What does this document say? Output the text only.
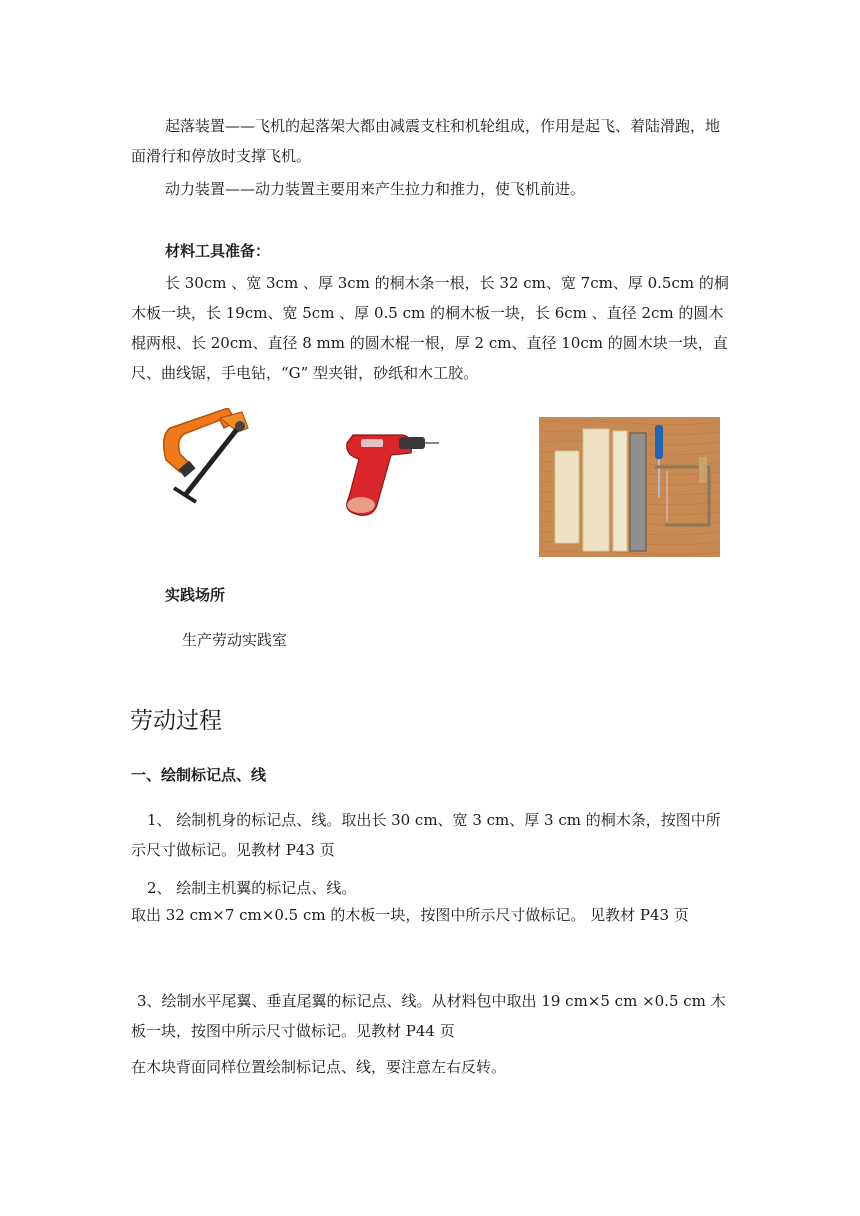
起落装置——飞机的起落架大都由减震支柱和机轮组成，作用是起飞、着陆滑跑，地面滑行和停放时支撑飞机。

动力装置——动力装置主要用来产生拉力和推力，使飞机前进。

材料工具准备：

长 30cm 、宽 3cm 、厚 3cm 的桐木条一根，长 32 cm、宽 7cm、厚 0.5cm 的桐木板一块，长 19cm、宽 5cm 、厚 0.5 cm 的桐木板一块，长 6cm 、直径 2cm 的圆木棍两根、长 20cm、直径 8 mm 的圆木棍一根，厚 2 cm、直径 10cm 的圆木块一块，直尺、曲线锯，手电钻，“G” 型夹钳，砂纸和木工胶。

实践场所

生产劳动实践室

劳动过程

一、绘制标记点、线

1、 绘制机身的标记点、线。取出长 30 cm、宽 3 cm、厚 3 cm 的桐木条，按图中所示尺寸做标记。见教材 P43 页

2、 绘制主机翼的标记点、线。

取出 32 cm×7 cm×0.5 cm 的木板一块，按图中所示尺寸做标记。 见教材 P43 页

3、绘制水平尾翼、垂直尾翼的标记点、线。从材料包中取出 19 cm×5 cm ×0.5 cm 木板一块，按图中所示尺寸做标记。见教材 P44 页

在木块背面同样位置绘制标记点、线，要注意左右反转。
